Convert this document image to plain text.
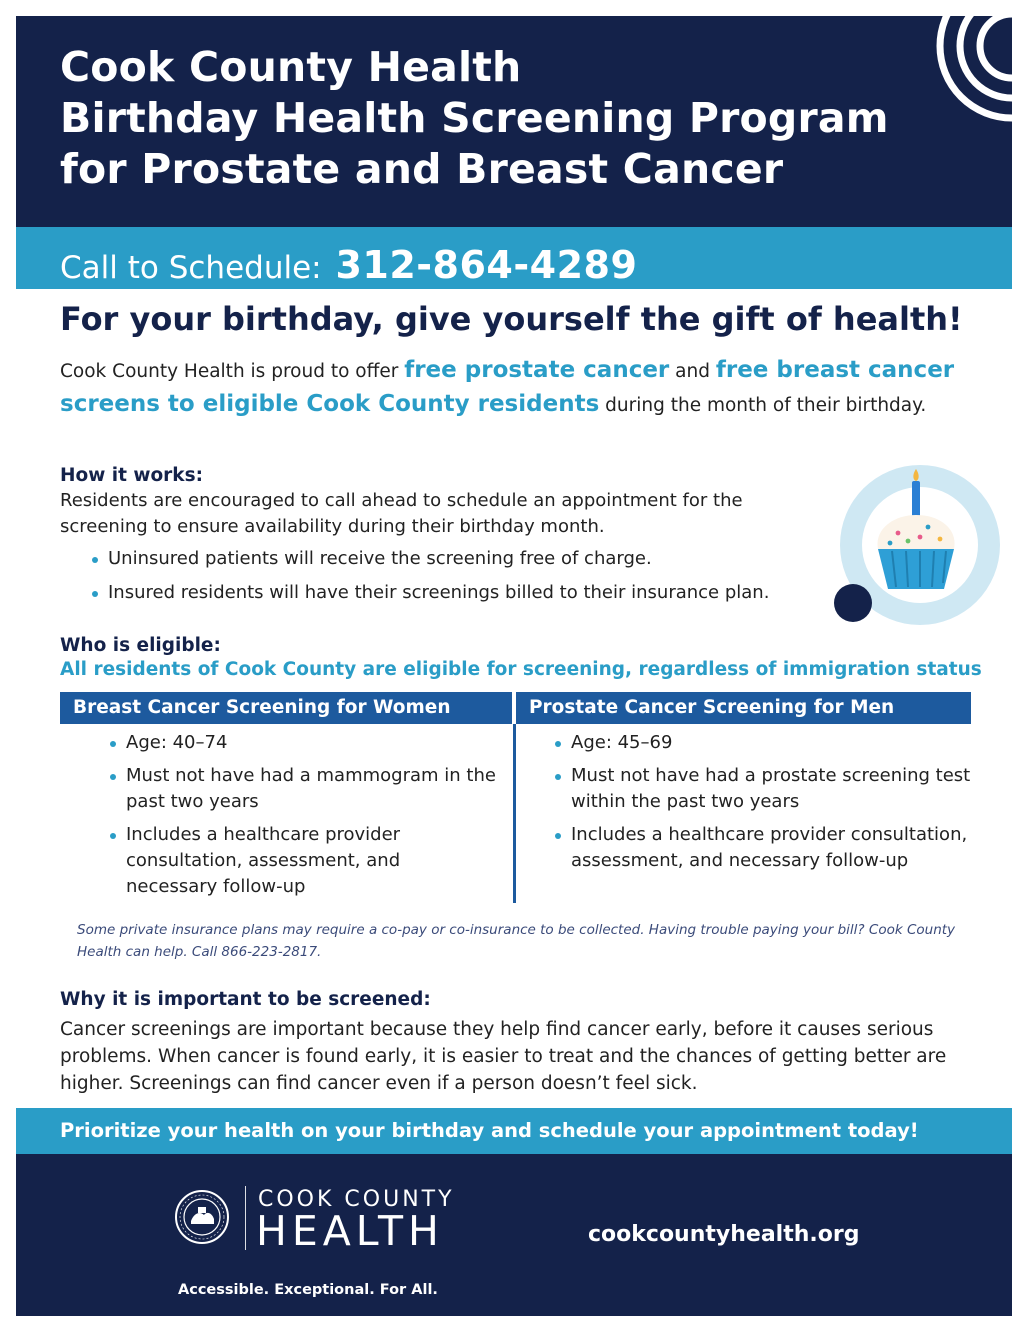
Cook County Health
Birthday Health Screening Program
for Prostate and Breast Cancer
Call to Schedule: 312-864-4289
For your birthday, give yourself the gift of health!
Cook County Health is proud to offer free prostate cancer and free breast cancer screens to eligible Cook County residents during the month of their birthday.
How it works:
Residents are encouraged to call ahead to schedule an appointment for the screening to ensure availability during their birthday month.
Uninsured patients will receive the screening free of charge.
Insured residents will have their screenings billed to their insurance plan.
Who is eligible:
All residents of Cook County are eligible for screening, regardless of immigration status
Breast Cancer Screening for Women	Prostate Cancer Screening for Men
Age: 40–74
Must not have had a mammogram in the past two years
Includes a healthcare provider consultation, assessment, and necessary follow-up
Age: 45–69
Must not have had a prostate screening test within the past two years
Includes a healthcare provider consultation, assessment, and necessary follow-up
Some private insurance plans may require a co-pay or co-insurance to be collected. Having trouble paying your bill? Cook County Health can help. Call 866-223-2817.
Why it is important to be screened:
Cancer screenings are important because they help find cancer early, before it causes serious problems. When cancer is found early, it is easier to treat and the chances of getting better are higher. Screenings can find cancer even if a person doesn’t feel sick.
Prioritize your health on your birthday and schedule your appointment today!
COOK COUNTY
HEALTH
Accessible. Exceptional. For All.
cookcountyhealth.org
